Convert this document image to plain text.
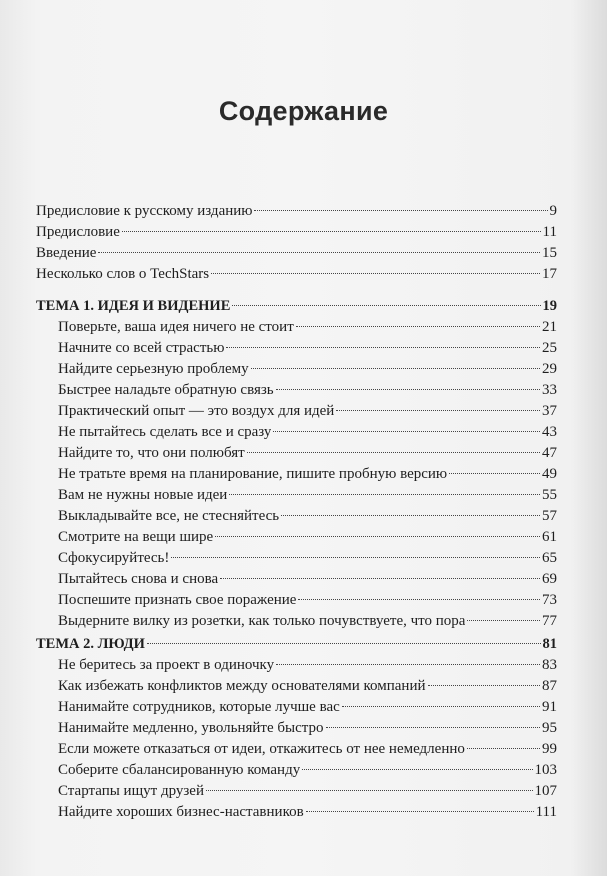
Содержание
Предисловие к русскому изданию	9
Предисловие	11
Введение	15
Несколько слов о TechStars	17
ТЕМА 1. ИДЕЯ И ВИДЕНИЕ	19
Поверьте, ваша идея ничего не стоит	21
Начните со всей страстью	25
Найдите серьезную проблему	29
Быстрее наладьте обратную связь	33
Практический опыт — это воздух для идей	37
Не пытайтесь сделать все и сразу	43
Найдите то, что они полюбят	47
Не тратьте время на планирование, пишите пробную версию	49
Вам не нужны новые идеи	55
Выкладывайте все, не стесняйтесь	57
Смотрите на вещи шире	61
Сфокусируйтесь!	65
Пытайтесь снова и снова	69
Поспешите признать свое поражение	73
Выдерните вилку из розетки, как только почувствуете, что пора	77
ТЕМА 2. ЛЮДИ	81
Не беритесь за проект в одиночку	83
Как избежать конфликтов между основателями компаний	87
Нанимайте сотрудников, которые лучше вас	91
Нанимайте медленно, увольняйте быстро	95
Если можете отказаться от идеи, откажитесь от нее немедленно	99
Соберите сбалансированную команду	103
Стартапы ищут друзей	107
Найдите хороших бизнес-наставников	111
